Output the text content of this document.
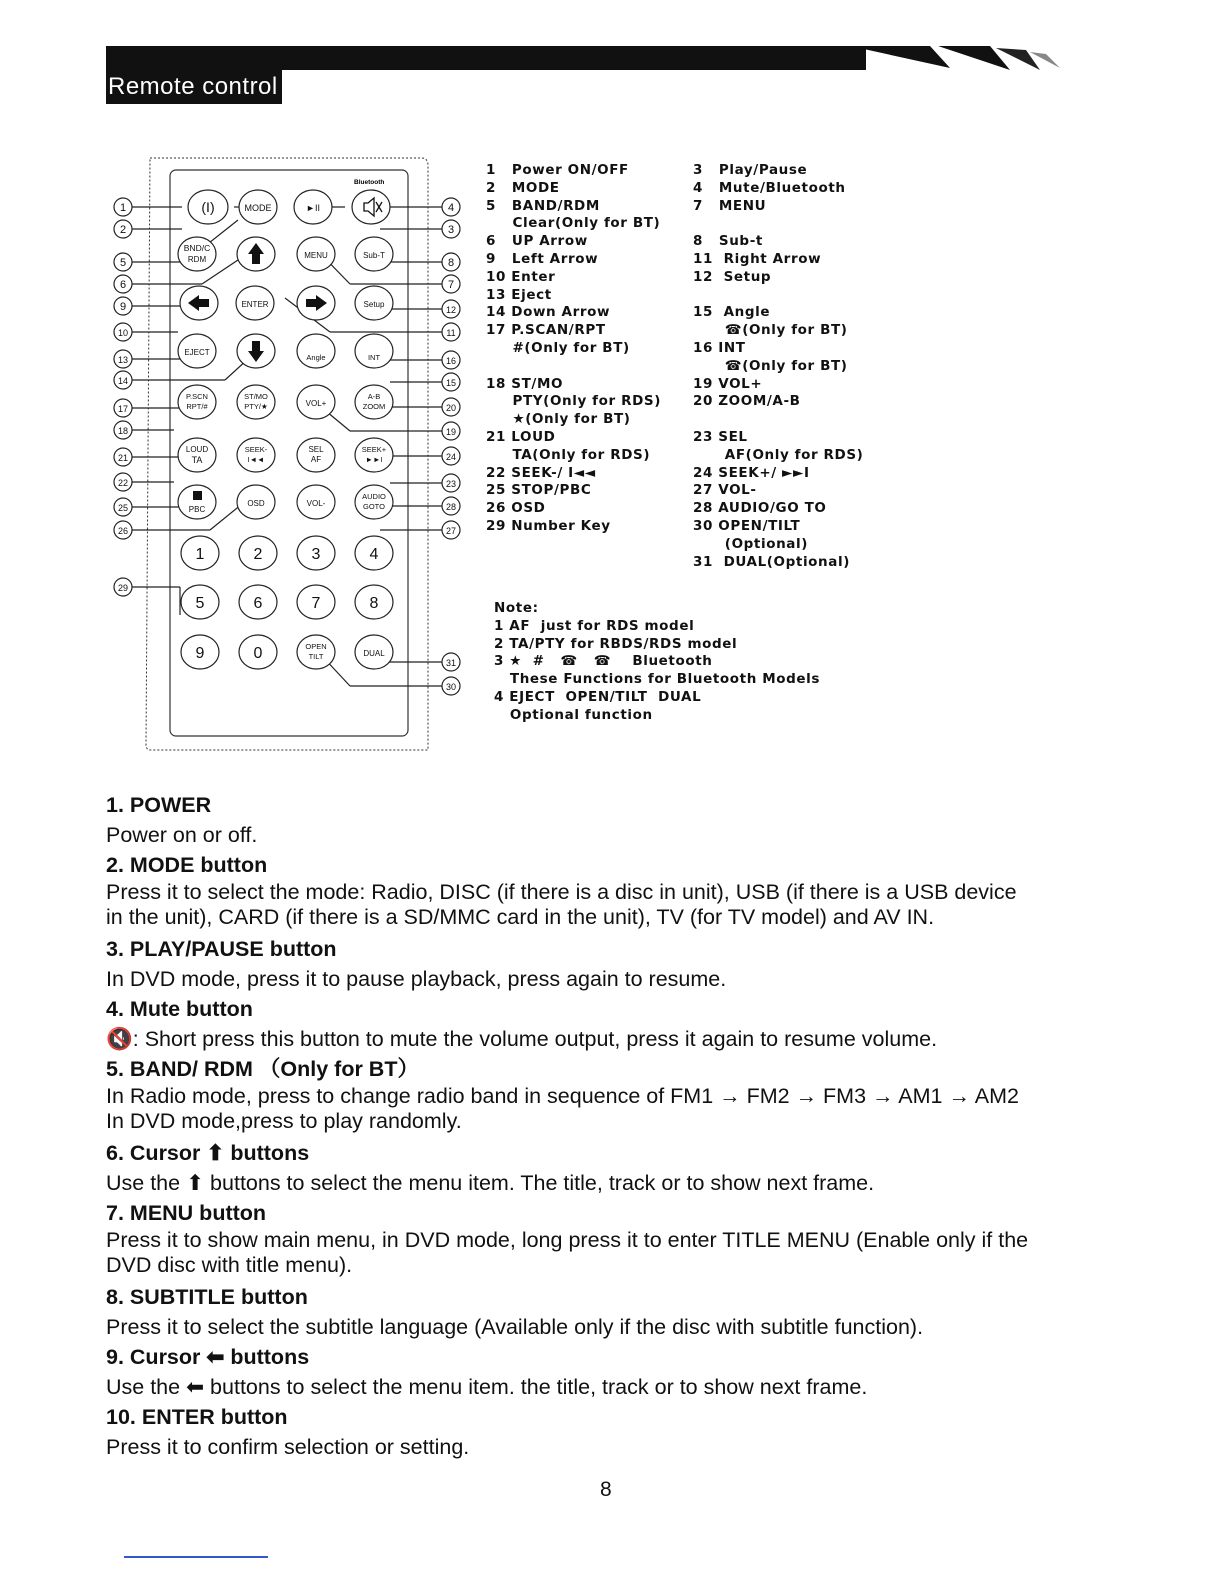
Remote control
Bluetooth
(I)	MODE	►II
BND/C
RDM	MENU	Sub-T
ENTER	Setup
EJECT
Angle	INT
P.SCN
RPT/#
ST/MO
PTY/★	VOL+
A-B
ZOOM
LOUD
TA
SEEK-
I◄◄
SEL
AF
SEEK+
►►I
PBC
OSD	VOL-
AUDIO
GOTO
1	2	3	4
5	6	7	8
9	0	OPEN
TILT	DUAL
1
2
5
6
9
10
13
14
17
18
21
22
25
26
29
4
3
8
7
12
11
16
15
20
19
24
23
28
27
31
30
1   Power ON/OFF
2   MODE
5   BAND/RDM
Clear(Only for BT)
6   UP Arrow
9   Left Arrow
10 Enter
13 Eject
14 Down Arrow
17 P.SCAN/RPT
#(Only for BT)
18 ST/MO
PTY(Only for RDS)
★(Only for BT)
21 LOUD
TA(Only for RDS)
22 SEEK-/ I◄◄
25 STOP/PBC
26 OSD
29 Number Key
3   Play/Pause
4   Mute/Bluetooth
7   MENU
8   Sub-t
11  Right Arrow
12  Setup
15  Angle
☎(Only for BT)
16 INT
☎(Only for BT)
19 VOL+
20 ZOOM/A-B
23 SEL
AF(Only for RDS)
24 SEEK+/ ►►I
27 VOL-
28 AUDIO/GO TO
30 OPEN/TILT
(Optional)
31  DUAL(Optional)
Note:
1 AF  just for RDS model
2 TA/PTY for RBDS/RDS model
3 ★  #   ☎   ☎    Bluetooth
These Functions for Bluetooth Models
4 EJECT  OPEN/TILT  DUAL
Optional function
1. POWER
Power on or off.
2. MODE button
Press it to select the mode: Radio, DISC (if there is a disc in unit), USB (if there is a USB device
in the unit), CARD (if there is a SD/MMC card in the unit), TV (for TV model) and AV IN.
3. PLAY/PAUSE button
In DVD mode, press it to pause playback, press again to resume.
4. Mute button
🔇: Short press this button to mute the volume output, press it again to resume volume.
5. BAND/ RDM （Only for BT）
In Radio mode, press to change radio band in sequence of FM1 → FM2 → FM3 → AM1 → AM2
In DVD mode,press to play randomly.
6. Cursor ⬆ buttons
Use the ⬆ buttons to select the menu item. The title, track or to show next frame.
7. MENU button
Press it to show main menu, in DVD mode, long press it to enter TITLE MENU (Enable only if the
DVD disc with title menu).
8. SUBTITLE button
Press it to select the subtitle language (Available only if the disc with subtitle function).
9. Cursor ⬅ buttons
Use the ⬅ buttons to select the menu item. the title, track or to show next frame.
10. ENTER button
Press it to confirm selection or setting.
8
